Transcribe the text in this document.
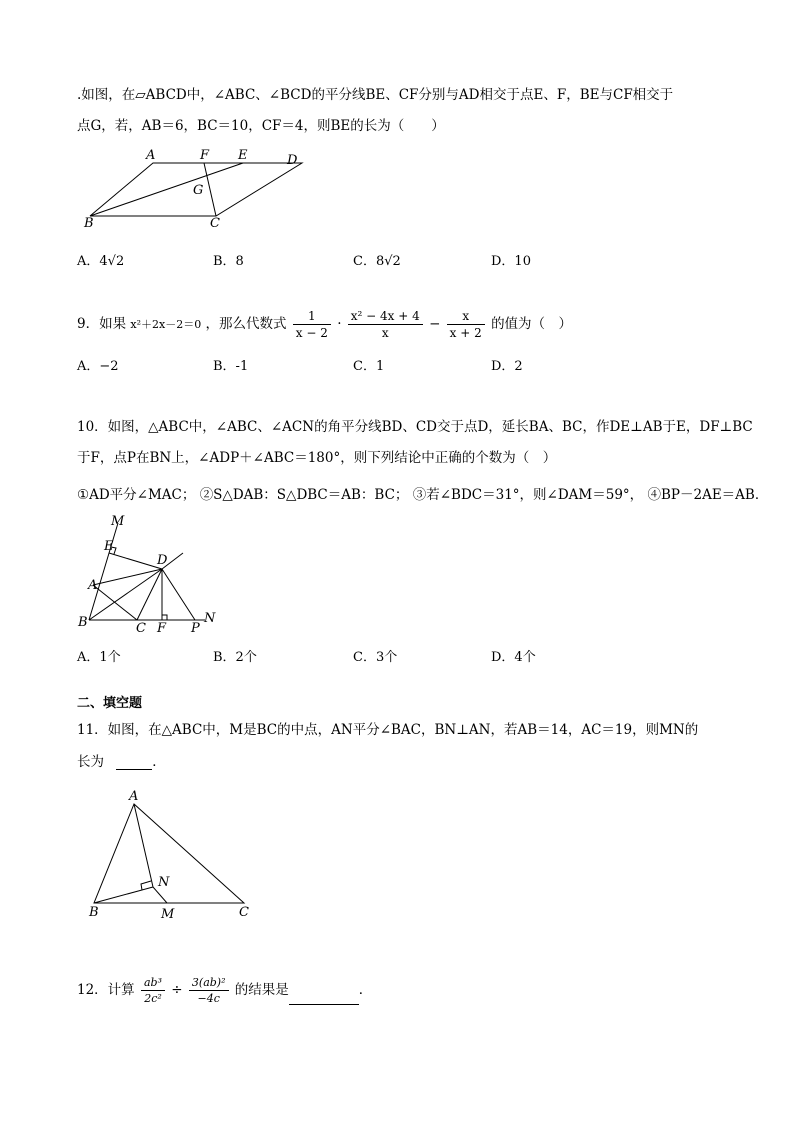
.如图，在▱ABCD中，∠ABC、∠BCD的平分线BE、CF分别与AD相交于点E、F，BE与CF相交于
点G，若，AB＝6，BC＝10，CF＝4，则BE的长为（　　）
A	F E	D
G
B	C
A．4√2	B．8	C．8√2	D．10
9．如果 x²＋2x－2＝0 ，那么代数式 $\frac{1}{x - 2} \cdot \frac{\text{x² − 4x + 4}}{x} - \frac{x}{x + 2}$ 的值为（　）
A．−2	B．-1	C．1	D．2
10．如图，△ABC中，∠ABC、∠ACN的角平分线BD、CD交于点D，延长BA、BC，作DE⊥AB于E，DF⊥BC
于F，点P在BN上，∠ADP＋∠ABC＝180°，则下列结论中正确的个数为（　）
①AD平分∠MAC； ②S△DAB：S△DBC＝AB：BC； ③若∠BDC＝31°，则∠DAM＝59°， ④BP－2AE＝AB．
M
E
D
A
B	C F P
N
A．1个	B．2个	C．3个	D．4个
二、填空题
11．如图，在△ABC中，M是BC的中点，AN平分∠BAC，BN⊥AN，若AB＝14，AC＝19，则MN的
长为	．
A
N
B	M	C
12．计算 $\frac{\text{ab³}}{\text{2c²}} \div \frac{\text{3(ab)²}}{-4c}$ 的结果是	．
